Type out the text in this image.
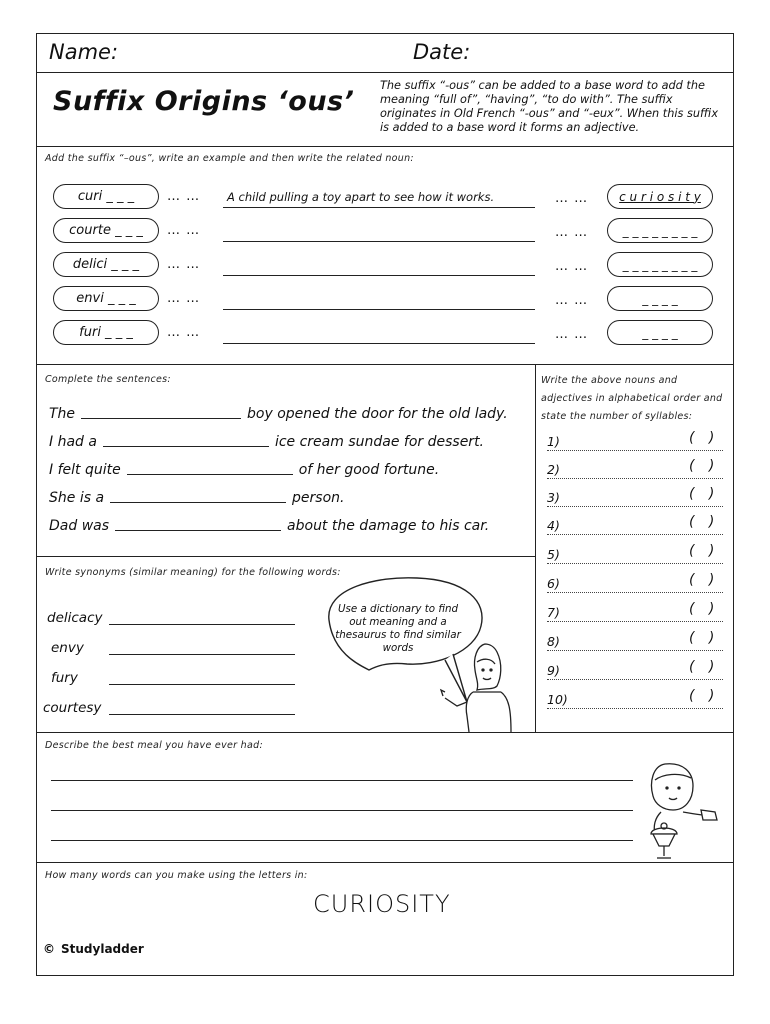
Name:	Date:
Suffix Origins ‘ous’
The suffix “-ous” can be added to a base word to add the meaning “full of”, “having”, “to do with”. The suffix originates in Old French “-ous” and “-eux”. When this suffix is added to a base word it forms an adjective.
Add the suffix “–ous”, write an example and then write the related noun:
curi _ _ _	… … A child pulling a toy apart to see how it works.	… …	c u r i o s i t y
courte _ _ _	… …	… …	_ _ _ _ _ _ _ _
delici _ _ _	… …	… …	_ _ _ _ _ _ _ _
envi _ _ _	… …	… …	_ _ _ _
furi _ _ _	… …	… …	_ _ _ _
Complete the sentences:
The	boy opened the door for the old lady.
I had a	ice cream sundae for dessert.
I felt quite	of her good fortune.
She is a	person.
Dad was	about the damage to his car.
Write synonyms (similar meaning) for the following words:
delicacy
envy
fury
courtesy
Use a dictionary to find out meaning and a thesaurus to find similar words
Write the above nouns and adjectives in alphabetical order and state the number of syllables:
1)	( )
2)	( )
3)	( )
4)	( )
5)	( )
6)	( )
7)	( )
8)	( )
9)	( )
10)	( )
Describe the best meal you have ever had:
How many words can you make using the letters in:
CURIOSITY
© Studyladder
